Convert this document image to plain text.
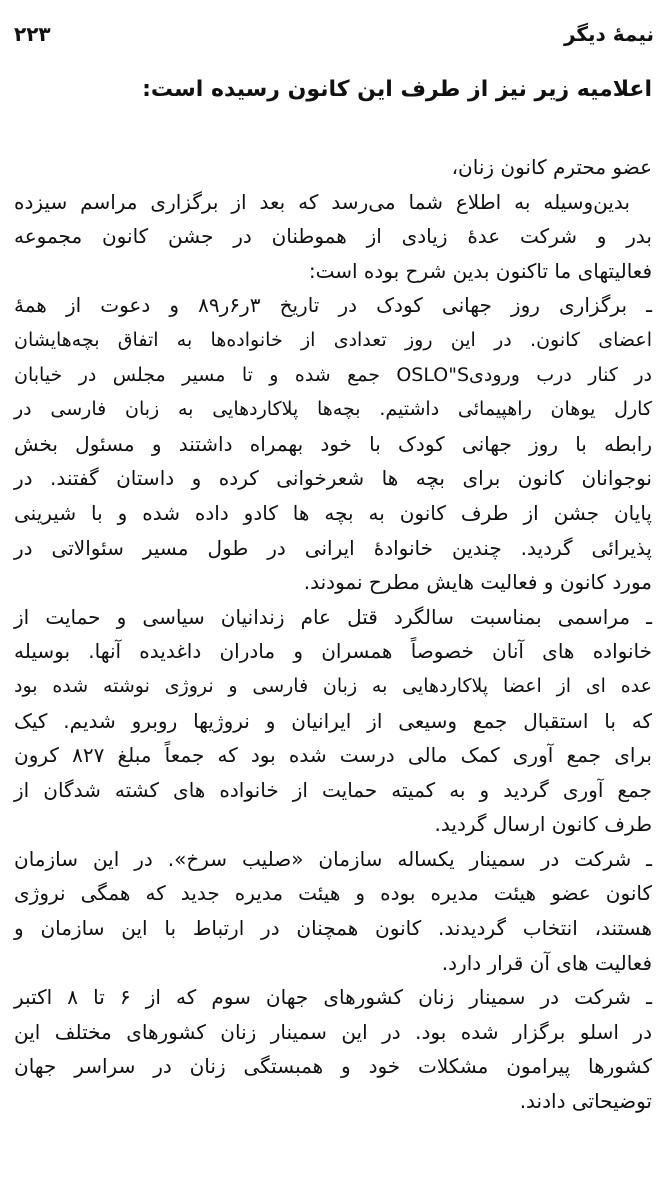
نیمهٔ دیگر
۲۲۳
اعلامیه زیر نیز از طرف این کانون رسیده است:
عضو محترم کانون زنان،
بدین‌وسیله به اطلاع شما می‌رسد که بعد از برگزاری مراسم سیزده
بدر و شرکت عدهٔ زیادی از هموطنان در جشن کانون مجموعه
فعالیتهای ما تاکنون بدین شرح بوده است:
ـ برگزاری روز جهانی کودک در تاریخ ۳ر۶ر۸۹ و دعوت از همهٔ
اعضای کانون. در این روز تعدادی از خانواده‌ها به اتفاق بچه‌هایشان
در کنار درب ورودیOSLO"S جمع شده و تا مسیر مجلس در خیابان
کارل یوهان راهپیمائی داشتیم. بچه‌ها پلاکاردهایی به زبان فارسی در
رابطه با روز جهانی کودک با خود بهمراه داشتند و مسئول بخش
نوجوانان کانون برای بچه ها شعرخوانی کرده و داستان گفتند. در
پایان جشن از طرف کانون به بچه ها کادو داده شده و با شیرینی
پذیرائی گردید. چندین خانوادهٔ ایرانی در طول مسیر سئوالاتی در
مورد کانون و فعالیت هایش مطرح نمودند.
ـ مراسمی بمناسبت سالگرد قتل عام زندانیان سیاسی و حمایت از
خانواده های آنان خصوصاً همسران و مادران داغدیده آنها. بوسیله
عده ای از اعضا پلاکاردهایی به زبان فارسی و نروژی نوشته شده بود
که با استقبال جمع وسیعی از ایرانیان و نروژیها روبرو شدیم. کیک
برای جمع آوری کمک مالی درست شده بود که جمعاً مبلغ ۸۲۷ کرون
جمع آوری گردید و به کمیته حمایت از خانواده های کشته شدگان از
طرف کانون ارسال گردید.
ـ شرکت در سمینار یکساله سازمان «صلیب سرخ». در این سازمان
کانون عضو هیئت مدیره بوده و هیئت مدیره جدید که همگی نروژی
هستند، انتخاب گردیدند. کانون همچنان در ارتباط با این سازمان و
فعالیت های آن قرار دارد.
ـ شرکت در سمینار زنان کشورهای جهان سوم که از ۶ تا ۸ اکتبر
در اسلو برگزار شده بود. در این سمینار زنان کشورهای مختلف این
کشورها پیرامون مشکلات خود و همبستگی زنان در سراسر جهان
توضیحاتی دادند.
